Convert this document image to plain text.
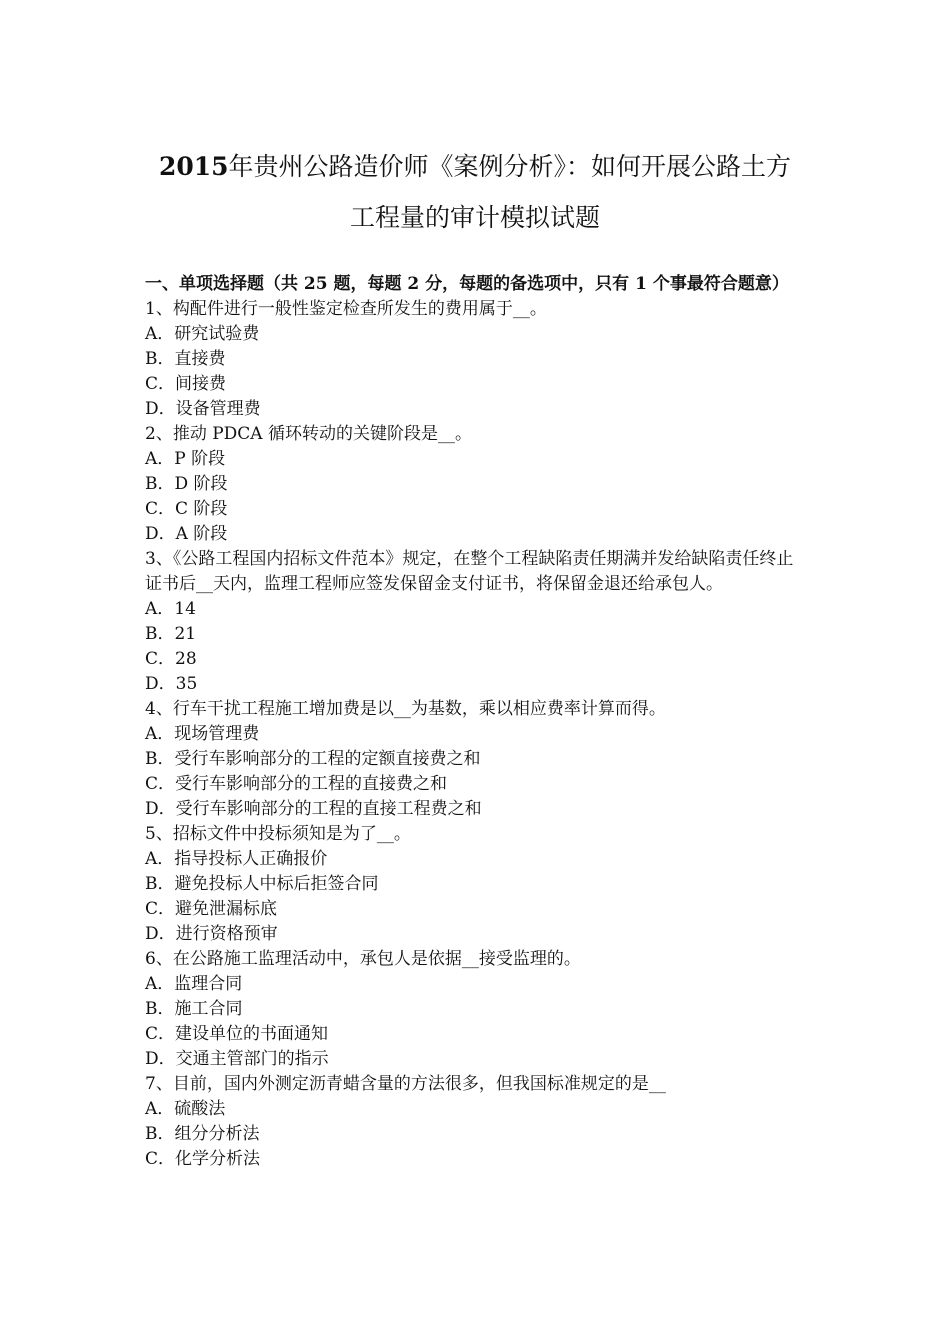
2015年贵州公路造价师《案例分析》：如何开展公路土方
工程量的审计模拟试题
一、单项选择题（共 25 题，每题 2 分，每题的备选项中，只有 1 个事最符合题意）
1、构配件进行一般性鉴定检查所发生的费用属于__。
A．研究试验费
B．直接费
C．间接费
D．设备管理费
2、推动 PDCA 循环转动的关键阶段是__。
A．P 阶段
B．D 阶段
C．C 阶段
D．A 阶段
3、《公路工程国内招标文件范本》规定，在整个工程缺陷责任期满并发给缺陷责任终止证书后__天内，监理工程师应签发保留金支付证书，将保留金退还给承包人。
A．14
B．21
C．28
D．35
4、行车干扰工程施工增加费是以__为基数，乘以相应费率计算而得。
A．现场管理费
B．受行车影响部分的工程的定额直接费之和
C．受行车影响部分的工程的直接费之和
D．受行车影响部分的工程的直接工程费之和
5、招标文件中投标须知是为了__。
A．指导投标人正确报价
B．避免投标人中标后拒签合同
C．避免泄漏标底
D．进行资格预审
6、在公路施工监理活动中，承包人是依据__接受监理的。
A．监理合同
B．施工合同
C．建设单位的书面通知
D．交通主管部门的指示
7、目前，国内外测定沥青蜡含量的方法很多，但我国标准规定的是__
A．硫酸法
B．组分分析法
C．化学分析法
